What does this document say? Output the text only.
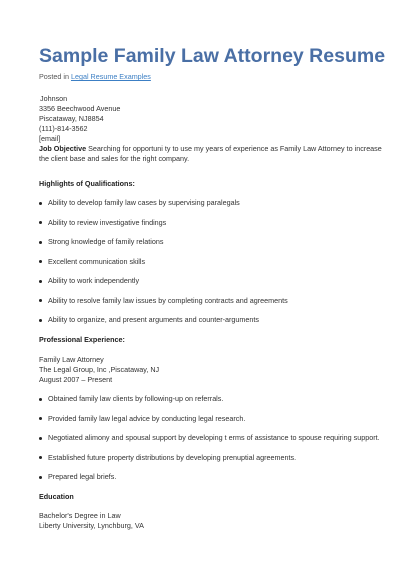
Sample Family Law Attorney Resume
Posted in Legal Resume Examples
Johnson
3356 Beechwood Avenue
Piscataway, NJ8854
(111)-814-3562
[email]
Job Objective Searching for opportuni ty to use my years of experience as Family Law Attorney to increase
the client base and sales for the right company.
Highlights of Qualifications:
Ability to develop family law cases by supervising paralegals
Ability to review investigative findings
Strong knowledge of family relations
Excellent communication skills
Ability to work independently
Ability to resolve family law issues by completing contracts and agreements
Ability to organize, and present arguments and counter-arguments
Professional Experience:
Family Law Attorney
The Legal Group, Inc ,Piscataway, NJ
August 2007 – Present
Obtained family law clients by following-up on referrals.
Provided family law legal advice by conducting legal research.
Negotiated alimony and spousal support by developing t erms of assistance to spouse requiring support.
Established future property distributions by developing prenuptial agreements.
Prepared legal briefs.
Education
Bachelor's Degree in Law
Liberty University, Lynchburg, VA
